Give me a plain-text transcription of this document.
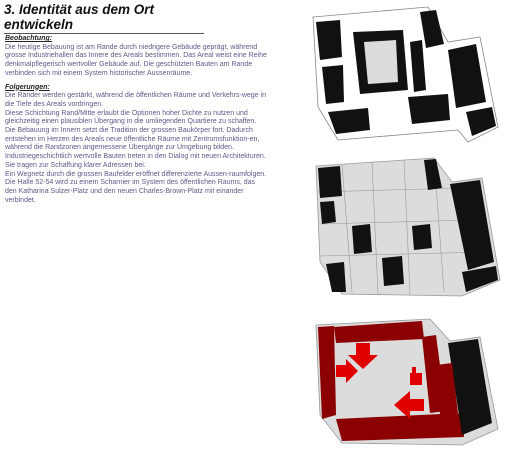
3. Identität aus dem Ort entwickeln
Beobachtung:
Die heutige Bebauung ist am Rande durch niedrigere Gebäude geprägt, während grosse Industriehallen das Innere des Areals bestimmen. Das Areal weist eine Reihe denkmalpflegerisch wertvoller Gebäude auf. Die geschützten Bauten am Rande verbinden sich mit einem System historischer Aussenräume.
Folgerungen:
Die Ränder werden gestärkt, während die öffentlichen Räume und Verkehrs-wege in die Tiefe des Areals vordringen.
Diese Schichtung Rand/Mitte erlaubt die Optionen hoher Dichte zu nutzen und gleichzeitig einen plausiblen Übergang in die umliegenden Quartiere zu schaffen.
Die Bebauung im Innern setzt die Tradition der grossen Baukörper fort. Dadurch entstehen im Herzen des Areals neue öffentliche Räume mit Zentrumsfunktion-en, während die Randzonen angemessene Übergänge zur Umgebung bilden.
Industriegeschichtlich wertvolle Bauten treten in den Dialog mit neuen Architekturen. Sie tragen zur Schaffung klarer Adressen bei.
Ein Wegnetz durch die grossen Baufelder eröffnet differenzierte Aussen-raumfolgen.
Die Halle 52-54 wird zu einem Scharnier im System des öffentlichen Raums, das den Katharina Sulzer-Platz und den neuen Charles-Brown-Platz mit einander verbindet.
